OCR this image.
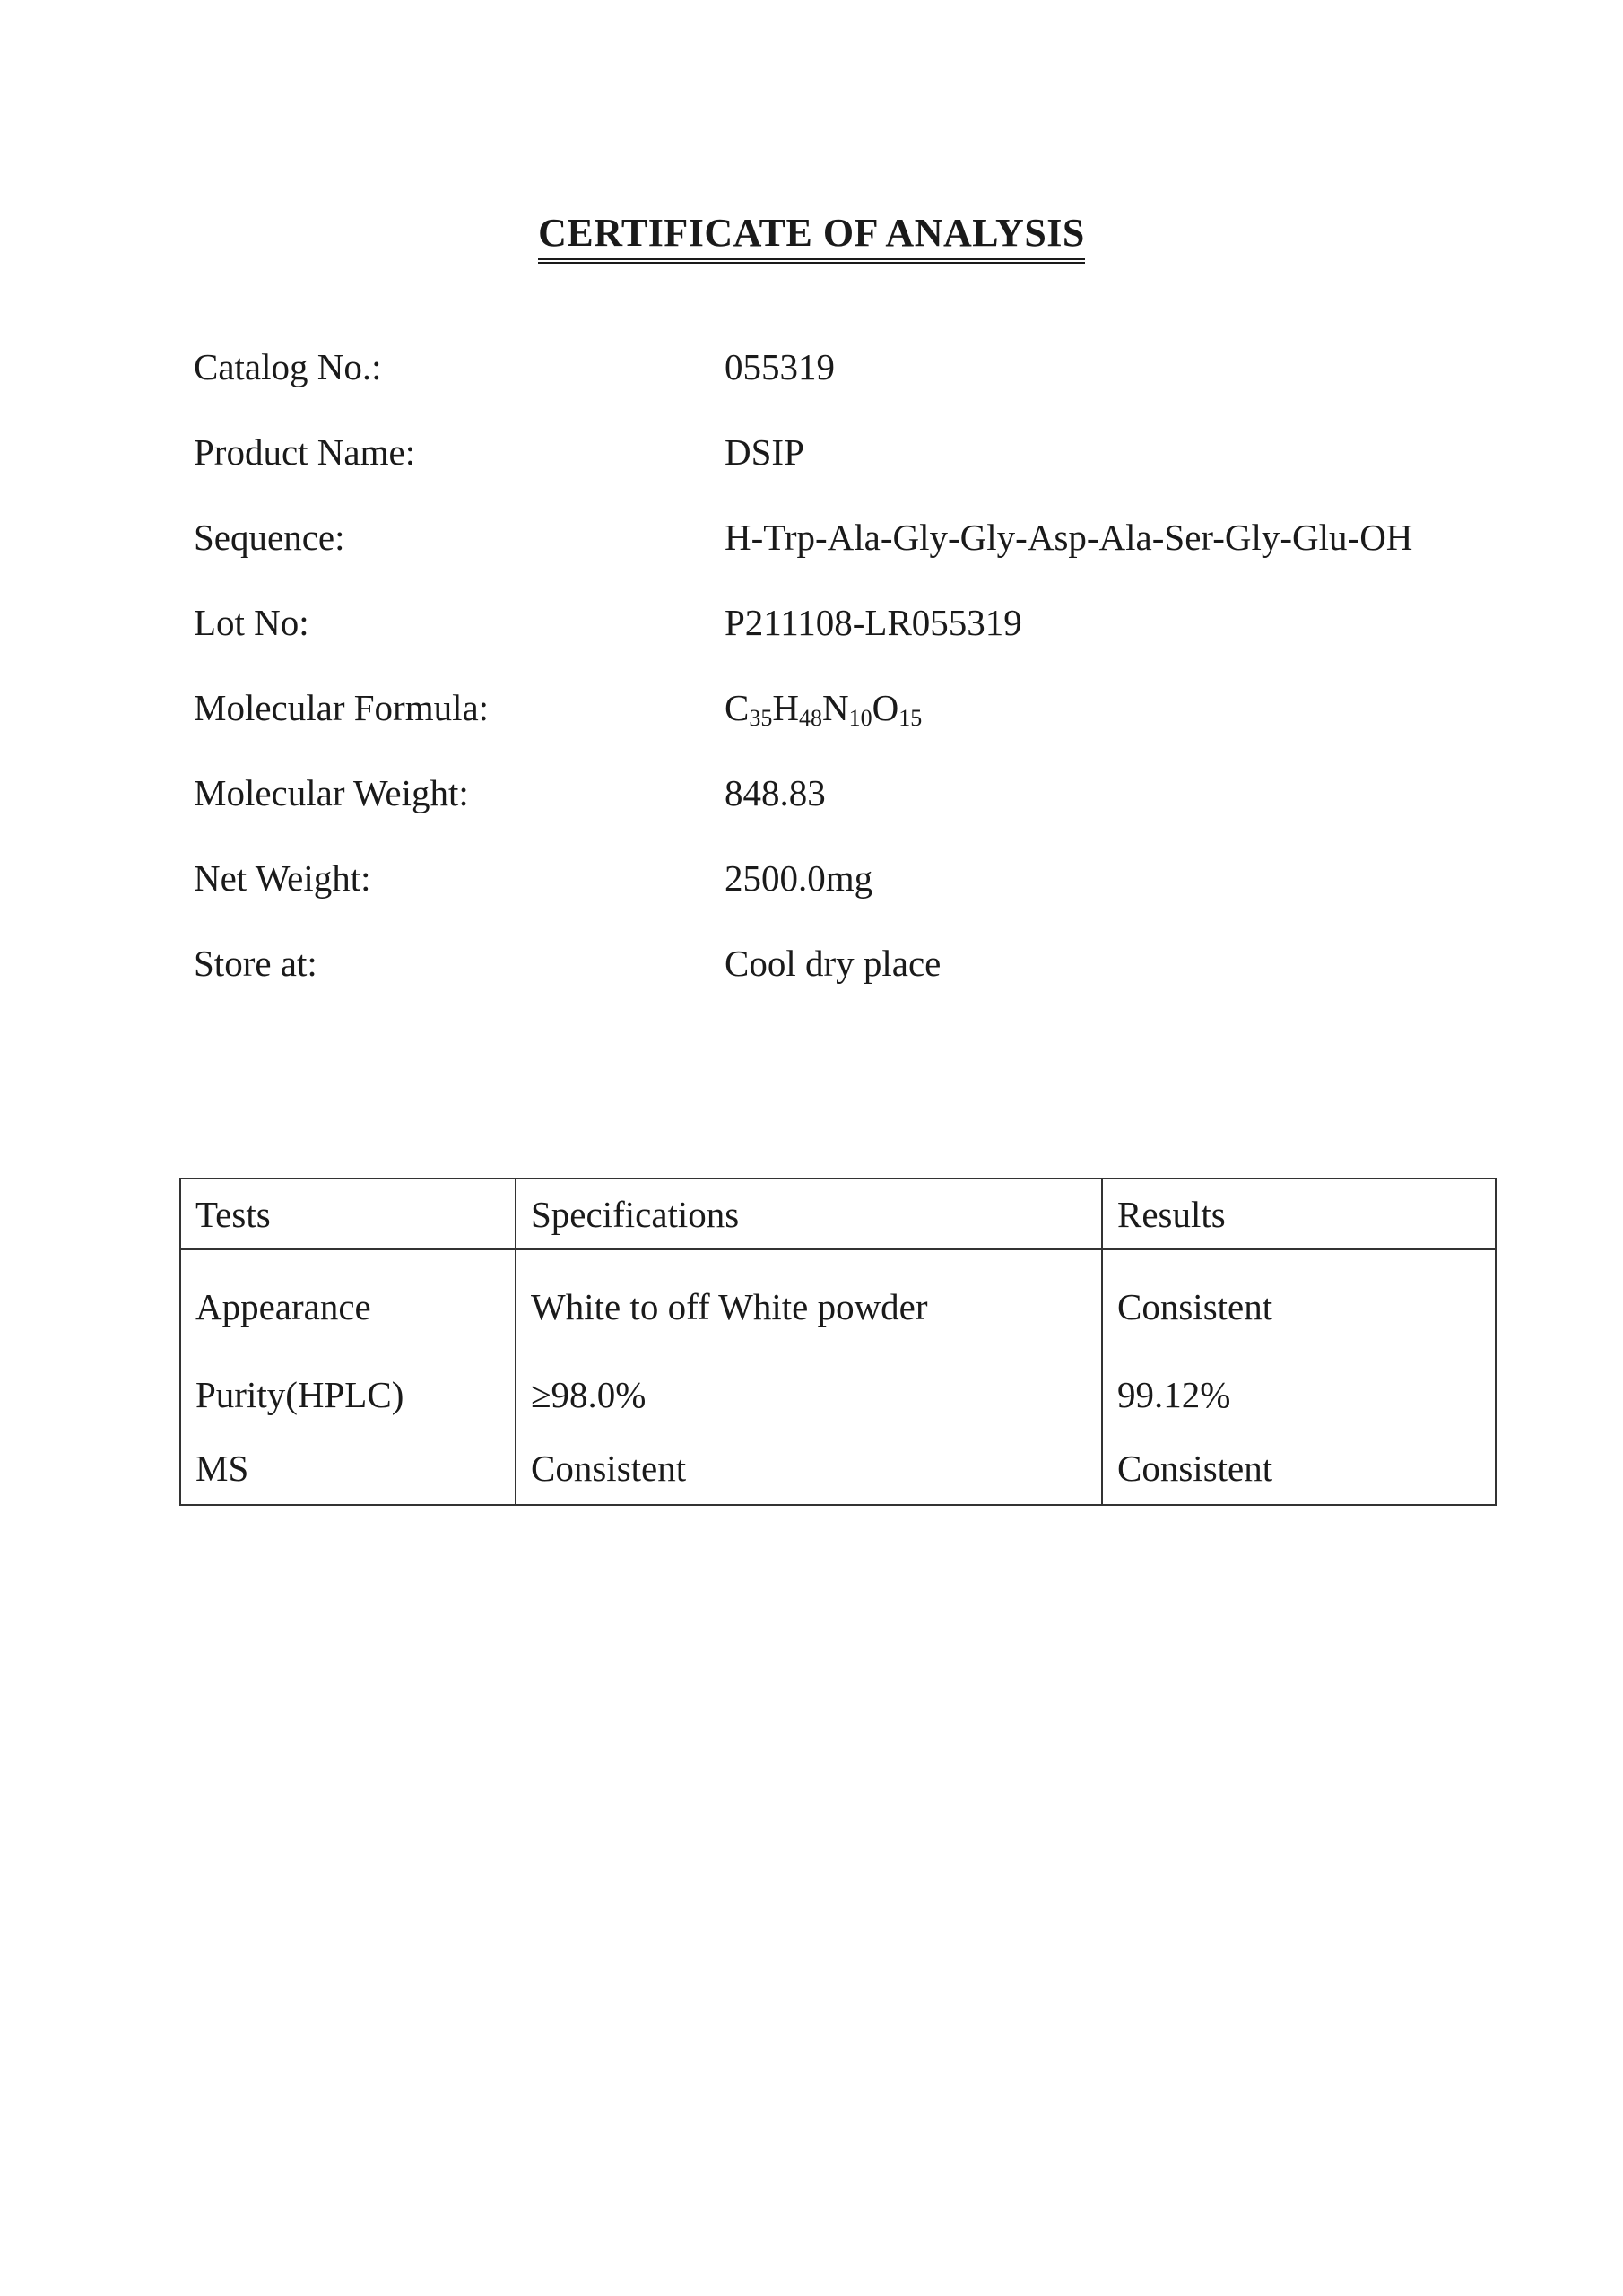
CERTIFICATE OF ANALYSIS
Catalog No.:	055319
Product Name:	DSIP
Sequence:	H-Trp-Ala-Gly-Gly-Asp-Ala-Ser-Gly-Glu-OH
Lot No:	P211108-LR055319
Molecular Formula:	$C_{35}H_{48}N_{10}O_{15}$
Molecular Weight:	848.83
Net Weight:	2500.0mg
Store at:	Cool dry place
Tests	Specifications	Results
Appearance	White to off White powder	Consistent
Purity(HPLC)	≥98.0%	99.12%
MS	Consistent	Consistent
